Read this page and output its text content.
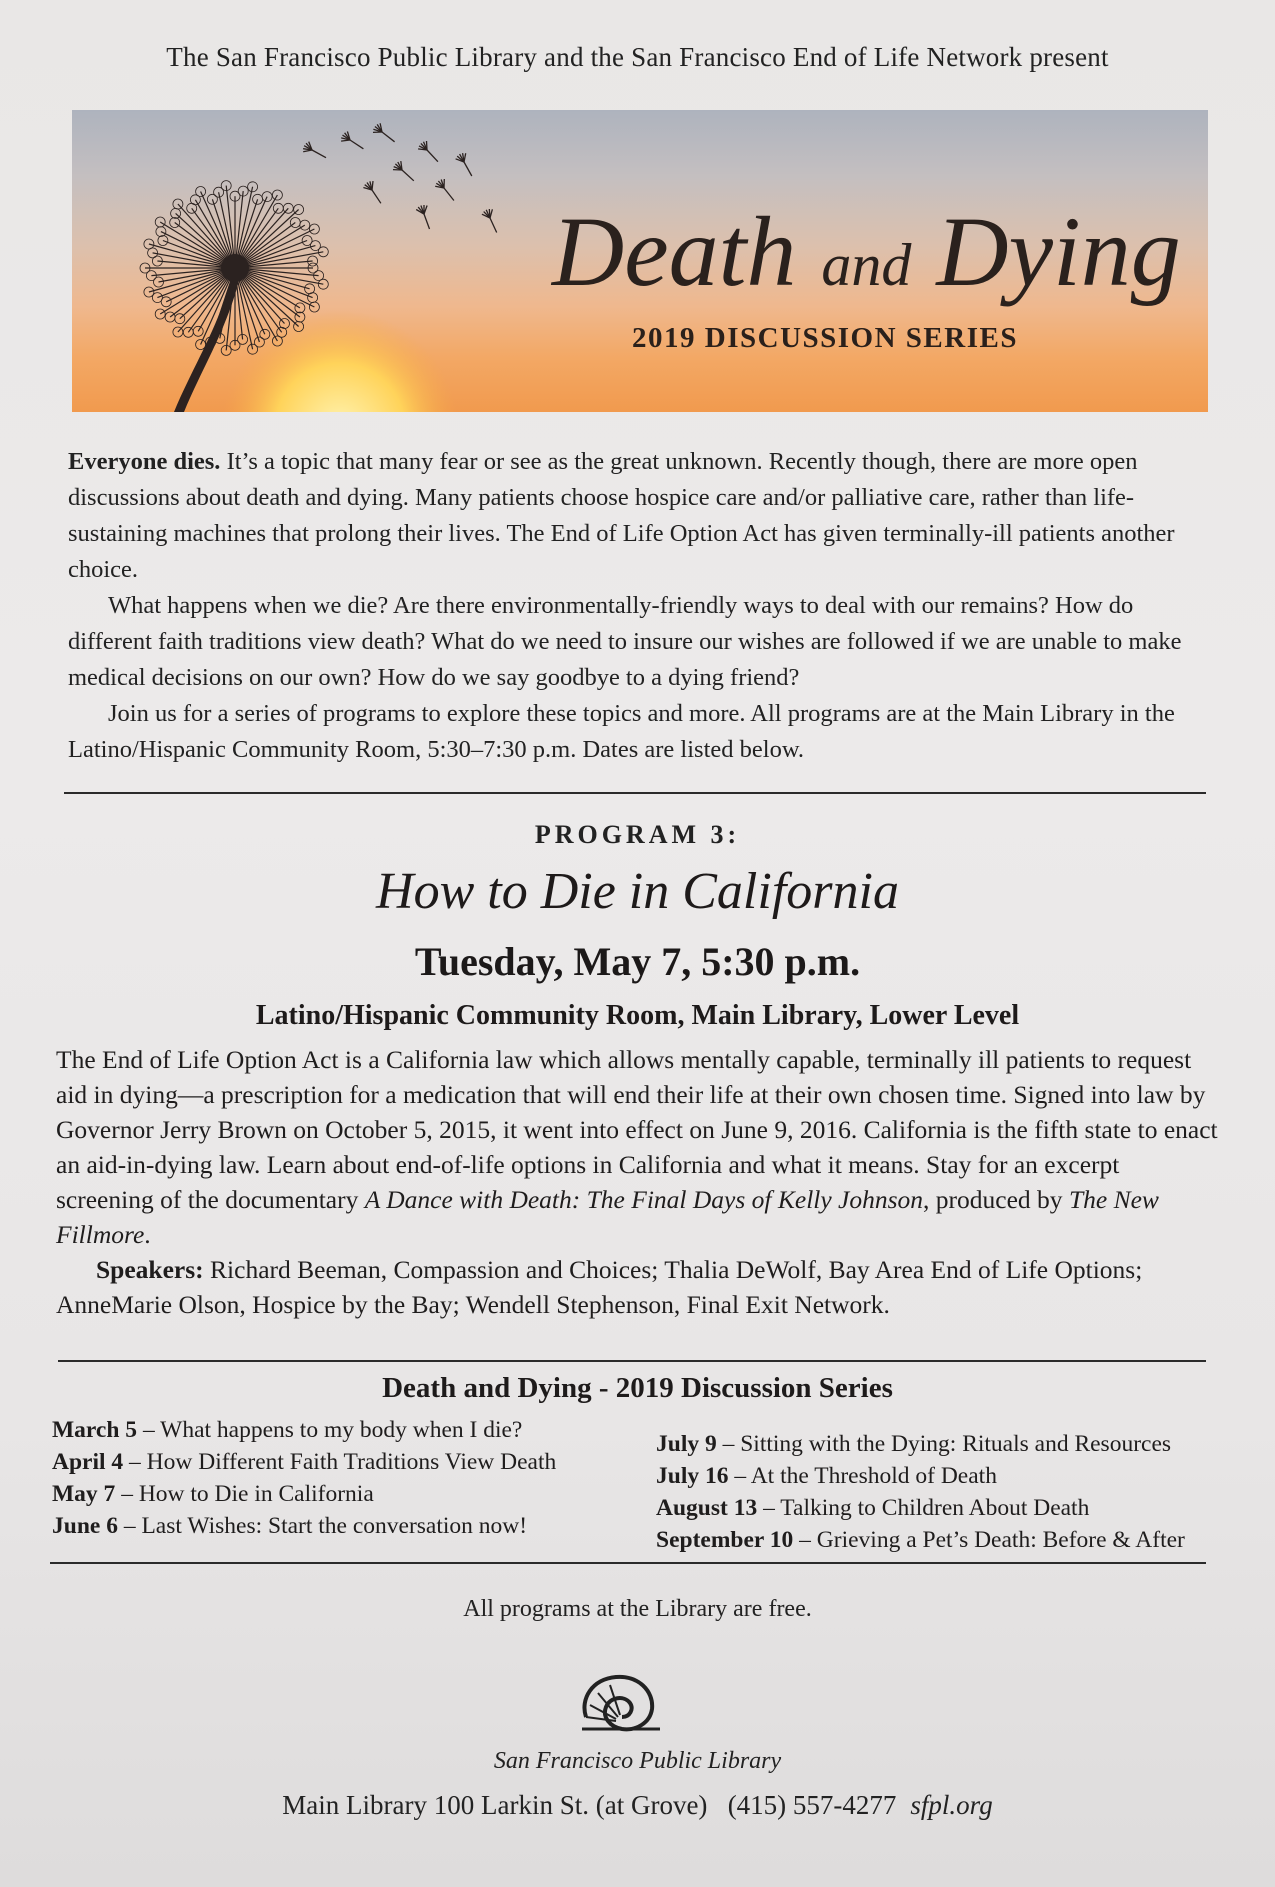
The San Francisco Public Library and the San Francisco End of Life Network present
Death and Dying
2019 DISCUSSION SERIES

Everyone dies. It’s a topic that many fear or see as the great unknown. Recently though, there are more open discussions about death and dying. Many patients choose hospice care and/or palliative care, rather than life-sustaining machines that prolong their lives. The End of Life Option Act has given terminally-ill patients another choice.

What happens when we die? Are there environmentally-friendly ways to deal with our remains? How do different faith traditions view death? What do we need to insure our wishes are followed if we are unable to make medical decisions on our own? How do we say goodbye to a dying friend?

Join us for a series of programs to explore these topics and more. All programs are at the Main Library in the Latino/Hispanic Community Room, 5:30–7:30 p.m. Dates are listed below.

PROGRAM 3:
How to Die in California
Tuesday, May 7, 5:30 p.m.
Latino/Hispanic Community Room, Main Library, Lower Level

The End of Life Option Act is a California law which allows mentally capable, terminally ill patients to request aid in dying—a prescription for a medication that will end their life at their own chosen time. Signed into law by Governor Jerry Brown on October 5, 2015, it went into effect on June 9, 2016. California is the fifth state to enact an aid-in-dying law. Learn about end-of-life options in California and what it means. Stay for an excerpt screening of the documentary A Dance with Death: The Final Days of Kelly Johnson, produced by The New Fillmore.

Speakers: Richard Beeman, Compassion and Choices; Thalia DeWolf, Bay Area End of Life Options; AnneMarie Olson, Hospice by the Bay; Wendell Stephenson, Final Exit Network.

Death and Dying - 2019 Discussion Series
March 5 – What happens to my body when I die?
April 4 – How Different Faith Traditions View Death
May 7 – How to Die in California
June 6 – Last Wishes: Start the conversation now!
July 9 – Sitting with the Dying: Rituals and Resources
July 16 – At the Threshold of Death
August 13 – Talking to Children About Death
September 10 – Grieving a Pet’s Death: Before & After
All programs at the Library are free.
San Francisco Public Library
Main Library 100 Larkin St. (at Grove) (415) 557-4277 sfpl.org
